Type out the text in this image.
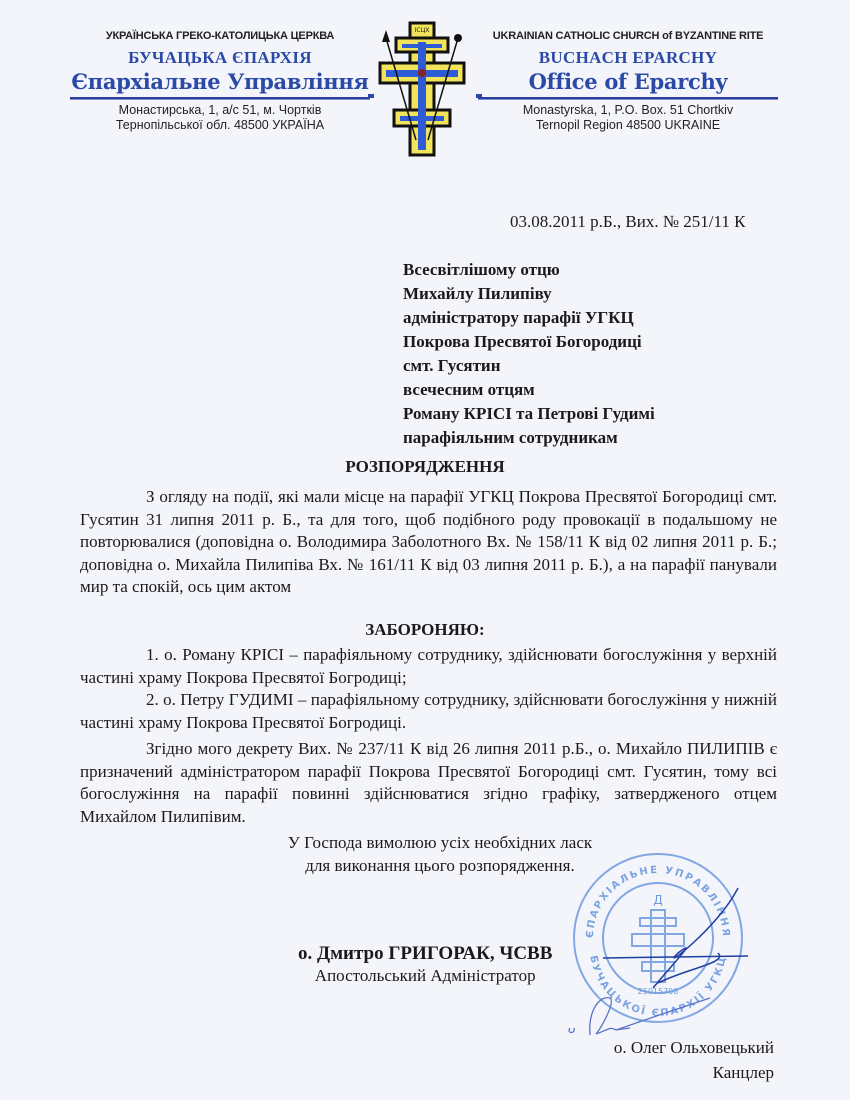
УКРАЇНСЬКА ГРЕКО-КАТОЛИЦЬКА ЦЕРКВА
БУЧАЦЬКА ЄПАРХІЯ
Єпархіальне Управління
Монастирська, 1, а/с 51, м. Чортків
Тернопільської обл. 48500 УКРАЇНА
ІСЦХ	UKRAINIAN CATHOLIC CHURCH of BYZANTINE RITE
BUCHACH EPARCHY
Office of Eparchy
Monastyrska, 1, P.O. Box. 51 Chortkiv
Ternopil Region 48500 UKRAINE
03.08.2011 р.Б., Вих. № 251/11 К
Всесвітлішому отцю
Михайлу Пилипіву
адміністратору парафії УГКЦ
Покрова Пресвятої Богородиці
смт. Гусятин
всечесним отцям
Роману КРІСІ та Петрові Гудимі
парафіяльним сотрудникам
РОЗПОРЯДЖЕННЯ
З огляду на події, які мали місце на парафії УГКЦ Покрова Пресвятої Богородиці смт. Гусятин 31 липня 2011 р. Б., та для того, щоб подібного роду провокації в подальшому не повторювалися (доповідна о. Володимира Заболотного Вх. № 158/11 К від 02 липня 2011 р. Б.; доповідна о. Михайла Пилипіва Вх. № 161/11 К від 03 липня 2011 р. Б.), а на парафії панували мир та спокій, ось цим актом
ЗАБОРОНЯЮ:
1. о. Роману КРІСІ – парафіяльному сотруднику, здійснювати богослужіння у верхній частині храму Покрова Пресвятої Богродиці;
2. о. Петру ГУДИМІ – парафіяльному сотруднику, здійснювати богослужіння у нижній частині храму Покрова Пресвятої Богродиці.
Згідно мого декрету Вих. № 237/11 К від 26 липня 2011 р.Б., о. Михайло ПИЛИПІВ є призначений адміністратором парафії Покрова Пресвятої Богородиці смт. Гусятин, тому всі богослужіння на парафії повинні здійснюватися згідно графіку, затвердженого отцем Михайлом Пилипівим.
У Господа вимолюю усіх необхідних ласк
для виконання цього розпорядження.
ЄПАРХІАЛЬНЕ УПРАВЛІННЯ
БУЧАЦЬКОЇ ЄПАРХІЇ УГКЦ
Д
25015708
о. Дмитро ГРИГОРАК, ЧСВВ
Апостольський Адміністратор
о. Олег Ольховецький
Канцлер
